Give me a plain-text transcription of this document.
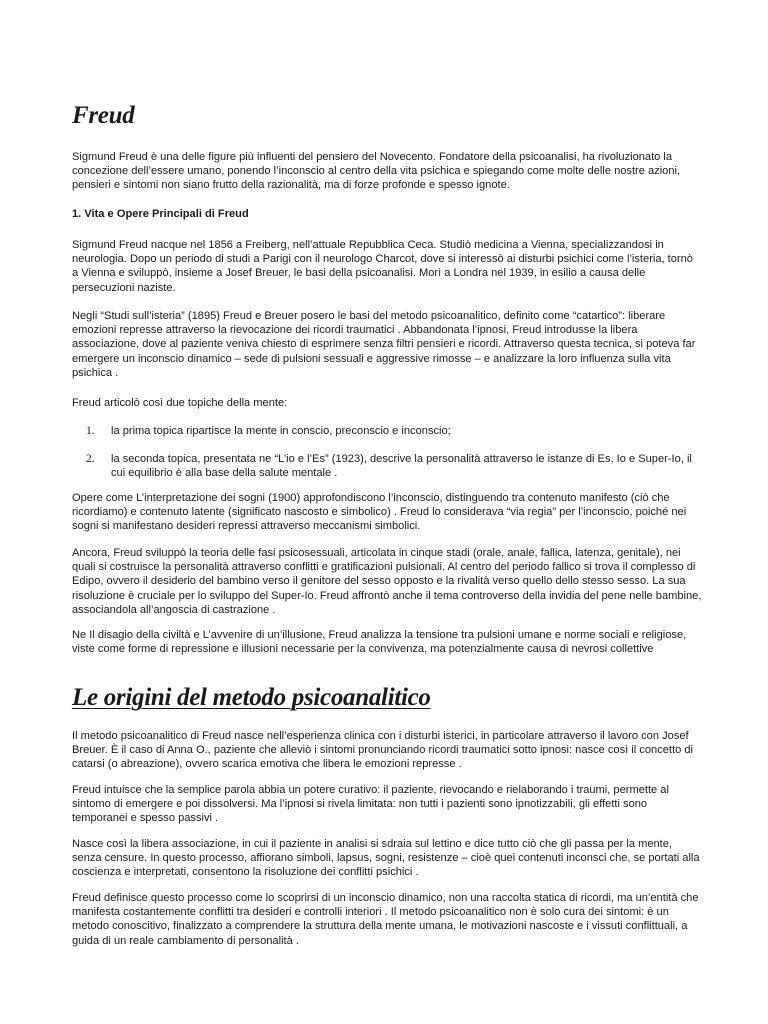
Freud

Sigmund Freud è una delle figure più influenti del pensiero del Novecento. Fondatore della psicoanalisi, ha rivoluzionato la concezione dell’essere umano, ponendo l’inconscio al centro della vita psichica e spiegando come molte delle nostre azioni, pensieri e sintomi non siano frutto della razionalità, ma di forze profonde e spesso ignote.

1. Vita e Opere Principali di Freud

Sigmund Freud nacque nel 1856 a Freiberg, nell’attuale Repubblica Ceca. Studiò medicina a Vienna, specializzandosi in neurologia. Dopo un periodo di studi a Parigi con il neurologo Charcot, dove si interessò ai disturbi psichici come l’isteria, tornò a Vienna e sviluppò, insieme a Josef Breuer, le basi della psicoanalisi. Morì a Londra nel 1939, in esilio a causa delle persecuzioni naziste.

Negli “Studi sull’isteria” (1895) Freud e Breuer posero le basi del metodo psicoanalitico, definito come “catartico”: liberare emozioni represse attraverso la rievocazione dei ricordi traumatici . Abbandonata l’ipnosi, Freud introdusse la libera associazione, dove al paziente veniva chiesto di esprimere senza filtri pensieri e ricordi. Attraverso questa tecnica, si poteva far emergere un inconscio dinamico – sede di pulsioni sessuali e aggressive rimosse – e analizzare la loro influenza sulla vita psichica .

Freud articolò così due topiche della mente:

1. la prima topica ripartisce la mente in conscio, preconscio e inconscio;
2. la seconda topica, presentata ne “L’io e l’Es” (1923), descrive la personalità attraverso le istanze di Es, Io e Super-Io, il cui equilibrio è alla base della salute mentale .

Opere come L’interpretazione dei sogni (1900) approfondiscono l’inconscio, distinguendo tra contenuto manifesto (ciò che ricordiamo) e contenuto latente (significato nascosto e simbolico) . Freud lo considerava “via regia” per l’inconscio, poiché nei sogni si manifestano desideri repressi attraverso meccanismi simbolici.

Ancora, Freud sviluppò la teoria delle fasi psicosessuali, articolata in cinque stadi (orale, anale, fallica, latenza, genitale), nei quali si costruisce la personalità attraverso conflitti e gratificazioni pulsionali. Al centro del periodo fallico si trova il complesso di Edipo, ovvero il desiderio del bambino verso il genitore del sesso opposto e la rivalità verso quello dello stesso sesso. La sua risoluzione è cruciale per lo sviluppo del Super-Io. Freud affrontò anche il tema controverso della invidia del pene nelle bambine, associandola all’angoscia di castrazione .

Ne Il disagio della civiltà e L’avvenire di un’illusione, Freud analizza la tensione tra pulsioni umane e norme sociali e religiose, viste come forme di repressione e illusioni necessarie per la convivenza, ma potenzialmente causa di nevrosi collettive

Le origini del metodo psicoanalitico

Il metodo psicoanalitico di Freud nasce nell’esperienza clinica con i disturbi isterici, in particolare attraverso il lavoro con Josef Breuer. È il caso di Anna O., paziente che alleviò i sintomi pronunciando ricordi traumatici sotto ipnosi: nasce così il concetto di catarsi (o abreazione), ovvero scarica emotiva che libera le emozioni represse .

Freud intuisce che la semplice parola abbia un potere curativo: il paziente, rievocando e rielaborando i traumi, permette al sintomo di emergere e poi dissolversi. Ma l’ipnosi si rivela limitata: non tutti i pazienti sono ipnotizzabili, gli effetti sono temporanei e spesso passivi .

Nasce così la libera associazione, in cui il paziente in analisi si sdraia sul lettino e dice tutto ciò che gli passa per la mente, senza censure. In questo processo, affiorano simboli, lapsus, sogni, resistenze – cioè quei contenuti inconsci che, se portati alla coscienza e interpretati, consentono la risoluzione dei conflitti psichici .

Freud definisce questo processo come lo scoprirsi di un inconscio dinamico, non una raccolta statica di ricordi, ma un’entità che manifesta costantemente conflitti tra desideri e controlli interiori . Il metodo psicoanalitico non è solo cura dei sintomi: è un metodo conoscitivo, finalizzato a comprendere la struttura della mente umana, le motivazioni nascoste e i vissuti conflittuali, a guida di un reale cambiamento di personalità .
